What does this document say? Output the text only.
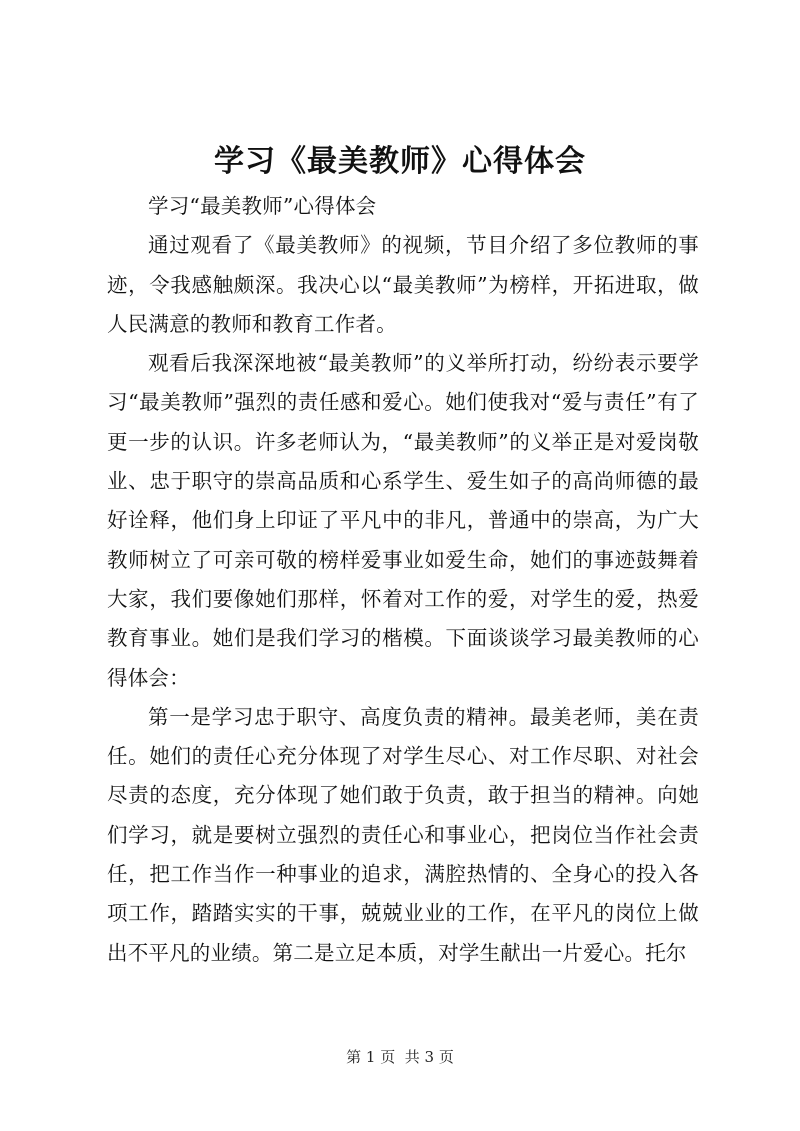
学习《最美教师》心得体会

学习“最美教师”心得体会

通过观看了《最美教师》的视频，节目介绍了多位教师的事迹，令我感触颇深。我决心以“最美教师”为榜样，开拓进取，做人民满意的教师和教育工作者。

观看后我深深地被“最美教师”的义举所打动，纷纷表示要学习“最美教师”强烈的责任感和爱心。她们使我对“爱与责任”有了更一步的认识。许多老师认为，“最美教师”的义举正是对爱岗敬业、忠于职守的崇高品质和心系学生、爱生如子的高尚师德的最好诠释，他们身上印证了平凡中的非凡，普通中的崇高，为广大教师树立了可亲可敬的榜样爱事业如爱生命，她们的事迹鼓舞着大家，我们要像她们那样，怀着对工作的爱，对学生的爱，热爱教育事业。她们是我们学习的楷模。下面谈谈学习最美教师的心得体会：

第一是学习忠于职守、高度负责的精神。最美老师，美在责任。她们的责任心充分体现了对学生尽心、对工作尽职、对社会尽责的态度，充分体现了她们敢于负责，敢于担当的精神。向她们学习，就是要树立强烈的责任心和事业心，把岗位当作社会责任，把工作当作一种事业的追求，满腔热情的、全身心的投入各项工作，踏踏实实的干事，兢兢业业的工作，在平凡的岗位上做出不平凡的业绩。第二是立足本质，对学生献出一片爱心。托尔

第 1 页  共 3 页
